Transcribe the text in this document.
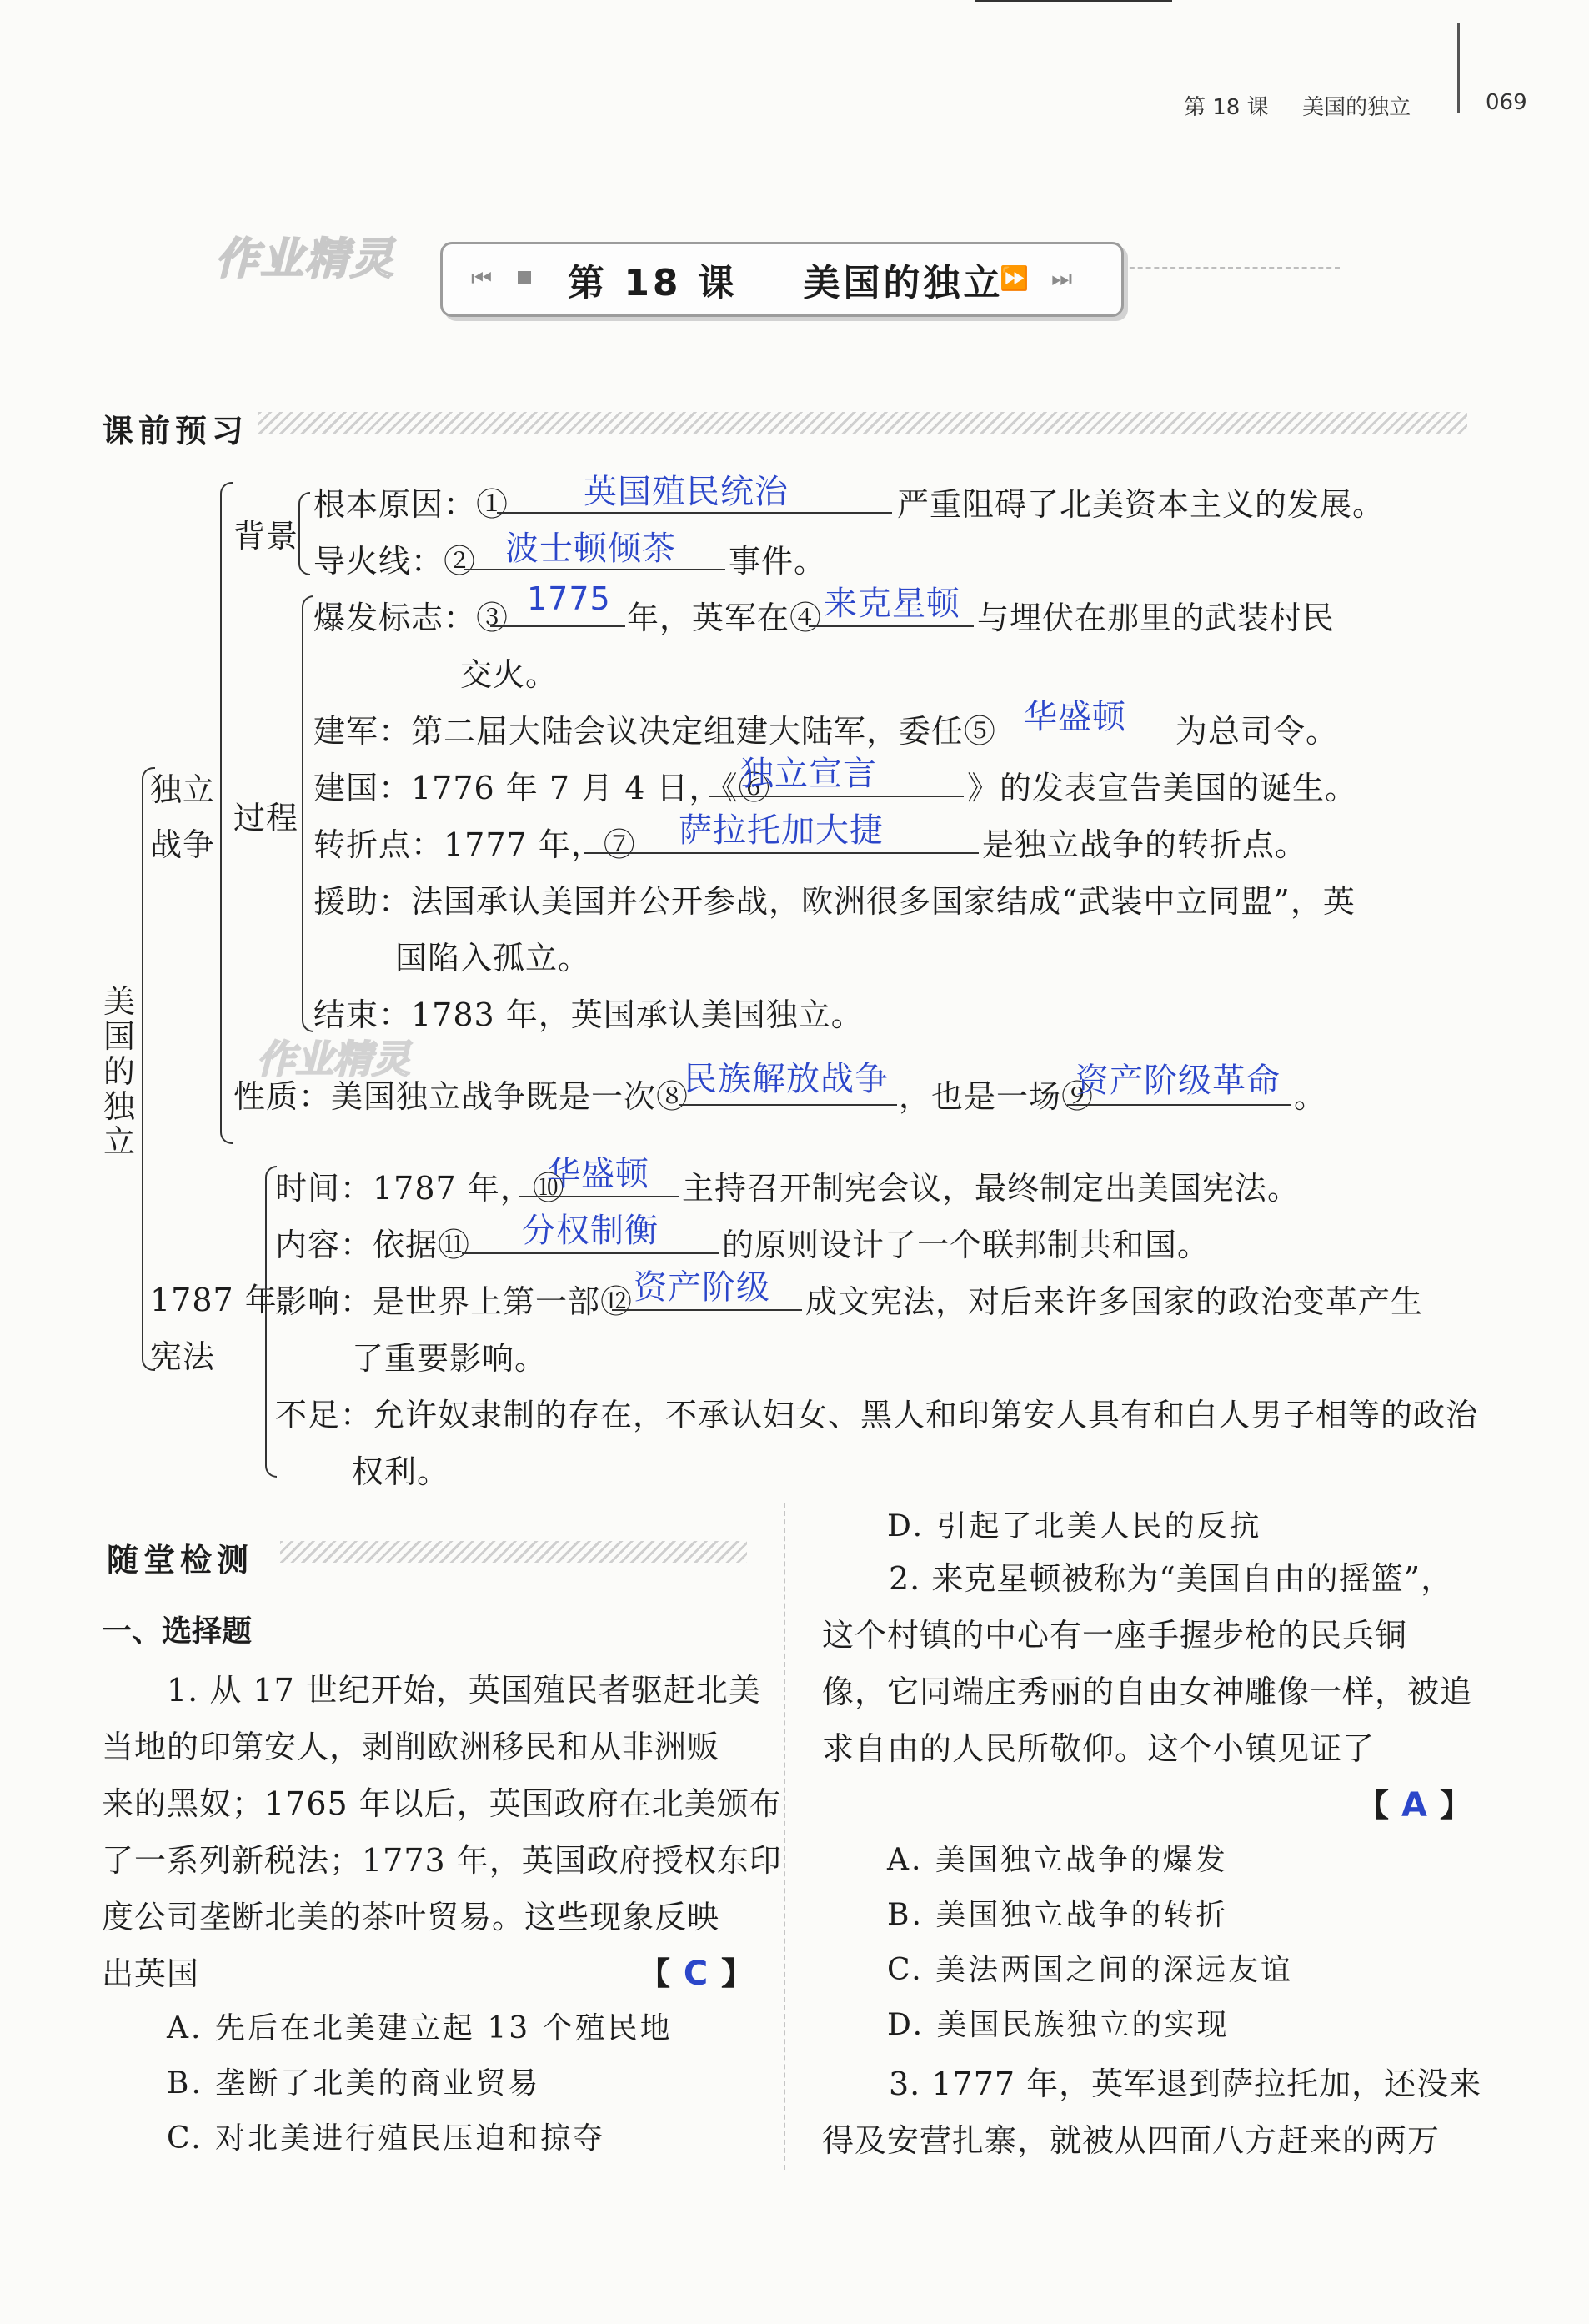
第 18 课 美国的独立	069
作业精灵	⏮ 第 18 课 美国的独立
⏩ ⏭
课前预习
美
国
的
独
立
独立
战争
背景
根本原因：① 英国殖民统治	严重阻碍了北美资本主义的发展。
导火线：② 波士顿倾茶 事件。
过程
爆发标志：③
1775
年，英军在④ 来克星顿 与埋伏在那里的武装村民
交火。
建军：第二届大陆会议决定组建大陆军，委任⑤ 华盛顿 为总司令。
建国：1776 年 7 月 4 日，《⑥
独立宣言	》的发表宣告美国的诞生。
转折点：1777 年，⑦ 萨拉托加大捷	是独立战争的转折点。
援助：法国承认美国并公开参战，欧洲很多国家结成“武装中立同盟”，英
国陷入孤立。
结束：1783 年，英国承认美国独立。
作业精灵
性质：美国独立战争既是一次⑧
民族解放战争 ，也是一场⑨
资产阶级革命 。
1787 年
宪法
时间：1787 年，⑩
华盛顿 主持召开制宪会议，最终制定出美国宪法。
内容：依据⑪ 分权制衡 的原则设计了一个联邦制共和国。
影响：是世界上第一部⑫ 资产阶级 成文宪法，对后来许多国家的政治变革产生
了重要影响。
不足：允许奴隶制的存在，不承认妇女、黑人和印第安人具有和白人男子相等的政治
权利。
随堂检测
一、选择题
1. 从 17 世纪开始，英国殖民者驱赶北美
当地的印第安人，剥削欧洲移民和从非洲贩
来的黑奴；1765 年以后，英国政府在北美颁布
了一系列新税法；1773 年，英国政府授权东印
度公司垄断北美的茶叶贸易。这些现象反映
出英国	【 C 】
A. 先后在北美建立起 13 个殖民地
B. 垄断了北美的商业贸易
C. 对北美进行殖民压迫和掠夺
D. 引起了北美人民的反抗
2. 来克星顿被称为“美国自由的摇篮”，
这个村镇的中心有一座手握步枪的民兵铜
像，它同端庄秀丽的自由女神雕像一样，被追
求自由的人民所敬仰。这个小镇见证了
【 A 】
A. 美国独立战争的爆发
B. 美国独立战争的转折
C. 美法两国之间的深远友谊
D. 美国民族独立的实现
3. 1777 年，英军退到萨拉托加，还没来
得及安营扎寨，就被从四面八方赶来的两万
